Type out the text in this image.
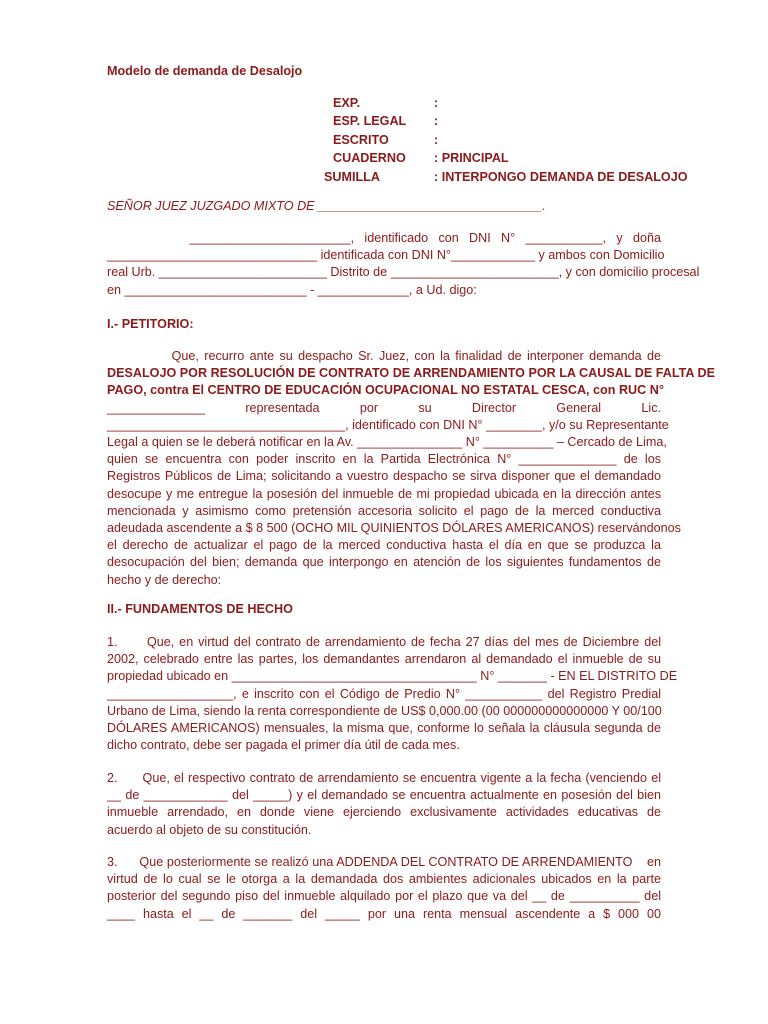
Modelo de demanda de Desalojo
EXP.	:
ESP. LEGAL	:
ESCRITO	:
CUADERNO	: PRINCIPAL
SUMILLA	: INTERPONGO DEMANDA DE DESALOJO
SEÑOR JUEZ JUZGADO MIXTO DE ________________________________.
_______________________,  identificado  con  DNI  N°  ___________,  y  doña
______________________________ identificada con DNI N°____________ y ambos con Domicilio
real Urb. ________________________ Distrito de ________________________, y con domicilio procesal
en __________________________ - _____________, a Ud. digo:
I.- PETITORIO:
Que, recurro ante su despacho Sr. Juez, con la finalidad de interponer demanda de
DESALOJO POR RESOLUCIÓN DE CONTRATO DE ARRENDAMIENTO POR LA CAUSAL DE FALTA DE
PAGO, contra El CENTRO DE EDUCACIÓN OCUPACIONAL NO ESTATAL CESCA, con RUC N°
______________ representada por su Director General Lic.
__________________________________, identificado con DNI N° ________, y/o su Representante
Legal a quien se le deberá notificar en la Av. _______________ N° __________ – Cercado de Lima,
quien se encuentra con poder inscrito en la Partida Electrónica N° ______________ de los
Registros Públicos de Lima; solicitando a vuestro despacho se sirva disponer que el demandado
desocupe y me entregue la posesión del inmueble de mi propiedad ubicada en la dirección antes
mencionada y asimismo como pretensión accesoria solicito el pago de la merced conductiva
adeudada ascendente a $ 8 500 (OCHO MIL QUINIENTOS DÓLARES AMERICANOS) reservándonos
el derecho de actualizar el pago de la merced conductiva hasta el día en que se produzca la
desocupación del bien; demanda que interpongo en atención de los siguientes fundamentos de
hecho y de derecho:
II.- FUNDAMENTOS DE HECHO
1.      Que, en virtud del contrato de arrendamiento de fecha 27 días del mes de Diciembre del
2002, celebrado entre las partes, los demandantes arrendaron al demandado el inmueble de su
propiedad ubicado en ___________________________________ N° _______ - EN EL DISTRITO DE
__________________, e inscrito con el Código de Predio N° ___________ del Registro Predial
Urbano de Lima, siendo la renta correspondiente de US$ 0,000.00 (00 000000000000000 Y 00/100
DÓLARES AMERICANOS) mensuales, la misma que, conforme lo señala la cláusula segunda de
dicho contrato, debe ser pagada el primer día útil de cada mes.
2.      Que, el respectivo contrato de arrendamiento se encuentra vigente a la fecha (venciendo el
__ de ____________ del _____) y el demandado se encuentra actualmente en posesión del bien
inmueble arrendado, en donde viene ejerciendo exclusivamente actividades educativas de
acuerdo al objeto de su constitución.
3.      Que posteriormente se realizó una ADDENDA DEL CONTRATO DE ARRENDAMIENTO    en
virtud de lo cual se le otorga a la demandada dos ambientes adicionales ubicados en la parte
posterior del segundo piso del inmueble alquilado por el plazo que va del __ de __________ del
____ hasta el __ de _______ del _____ por una renta mensual ascendente a $ 000 00
